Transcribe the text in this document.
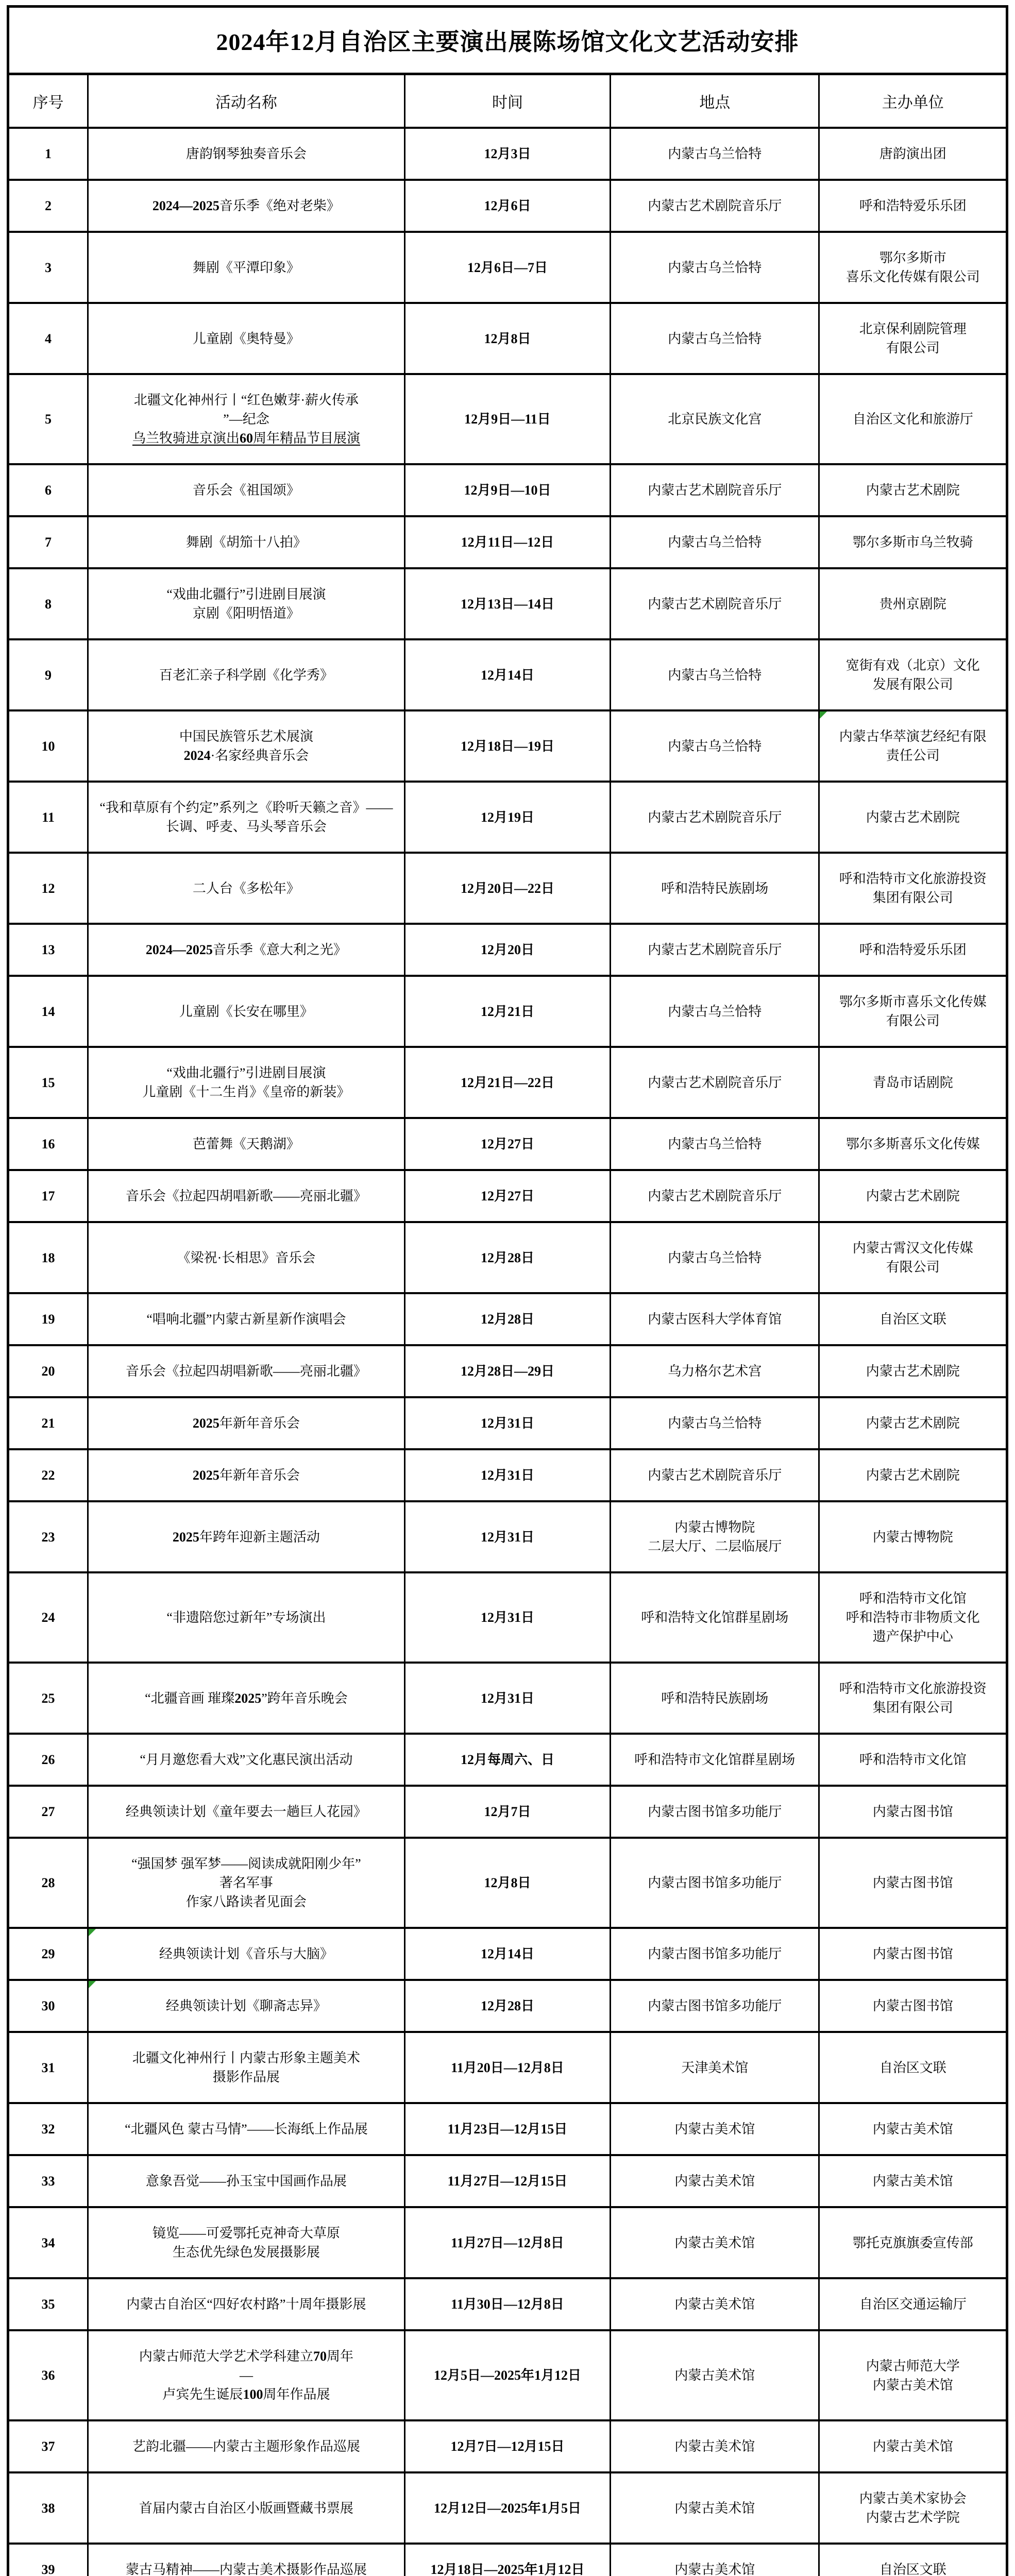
2024年12月自治区主要演出展陈场馆文化文艺活动安排				
序号	活动名称	时间	地点	主办单位
1	唐韵钢琴独奏音乐会	12月3日	内蒙古乌兰恰特	唐韵演出团
2	2024—2025音乐季《绝对老柴》	12月6日	内蒙古艺术剧院音乐厅	呼和浩特爱乐乐团
3	舞剧《平潭印象》	12月6日—7日	内蒙古乌兰恰特	鄂尔多斯市
喜乐文化传媒有限公司
4	儿童剧《奥特曼》	12月8日	内蒙古乌兰恰特	北京保利剧院管理
有限公司
5	北疆文化神州行丨“红色嫩芽·薪火传承
”—纪念
乌兰牧骑进京演出60周年精品节目展演	12月9日—11日	北京民族文化宫	自治区文化和旅游厅
6	音乐会《祖国颂》	12月9日—10日	内蒙古艺术剧院音乐厅	内蒙古艺术剧院
7	舞剧《胡笳十八拍》	12月11日—12日	内蒙古乌兰恰特	鄂尔多斯市乌兰牧骑
8	“戏曲北疆行”引进剧目展演
京剧《阳明悟道》	12月13日—14日	内蒙古艺术剧院音乐厅	贵州京剧院
9	百老汇亲子科学剧《化学秀》	12月14日	内蒙古乌兰恰特	宽街有戏（北京）文化
发展有限公司
10	中国民族管乐艺术展演
2024·名家经典音乐会	12月18日—19日	内蒙古乌兰恰特	内蒙古华萃演艺经纪有限
责任公司

11	“我和草原有个约定”系列之《聆听天籁之音》——长调、呼麦、马头琴音乐会	12月19日	内蒙古艺术剧院音乐厅	内蒙古艺术剧院
12	二人台《多松年》	12月20日—22日	呼和浩特民族剧场	呼和浩特市文化旅游投资
集团有限公司
13	2024—2025音乐季《意大利之光》	12月20日	内蒙古艺术剧院音乐厅	呼和浩特爱乐乐团
14	儿童剧《长安在哪里》	12月21日	内蒙古乌兰恰特	鄂尔多斯市喜乐文化传媒
有限公司
15	“戏曲北疆行”引进剧目展演
儿童剧《十二生肖》《皇帝的新装》	12月21日—22日	内蒙古艺术剧院音乐厅	青岛市话剧院
16	芭蕾舞《天鹅湖》	12月27日	内蒙古乌兰恰特	鄂尔多斯喜乐文化传媒
17	音乐会《拉起四胡唱新歌——亮丽北疆》	12月27日	内蒙古艺术剧院音乐厅	内蒙古艺术剧院
18	《梁祝·长相思》音乐会	12月28日	内蒙古乌兰恰特	内蒙古霄汉文化传媒
有限公司
19	“唱响北疆”内蒙古新星新作演唱会	12月28日	内蒙古医科大学体育馆	自治区文联
20	音乐会《拉起四胡唱新歌——亮丽北疆》	12月28日—29日	乌力格尔艺术宫	内蒙古艺术剧院
21	2025年新年音乐会	12月31日	内蒙古乌兰恰特	内蒙古艺术剧院
22	2025年新年音乐会	12月31日	内蒙古艺术剧院音乐厅	内蒙古艺术剧院
23	2025年跨年迎新主题活动	12月31日	内蒙古博物院
二层大厅、二层临展厅	内蒙古博物院
24	“非遗陪您过新年”专场演出	12月31日	呼和浩特文化馆群星剧场	呼和浩特市文化馆
呼和浩特市非物质文化
遗产保护中心
25	“北疆音画 璀璨2025”跨年音乐晚会	12月31日	呼和浩特民族剧场	呼和浩特市文化旅游投资
集团有限公司
26	“月月邀您看大戏”文化惠民演出活动	12月每周六、日	呼和浩特市文化馆群星剧场	呼和浩特市文化馆
27	经典领读计划《童年要去一趟巨人花园》	12月7日	内蒙古图书馆多功能厅	内蒙古图书馆
28	“强国梦 强军梦——阅读成就阳刚少年”
著名军事
作家八路读者见面会	12月8日	内蒙古图书馆多功能厅	内蒙古图书馆
29	经典领读计划《音乐与大脑》	12月14日	内蒙古图书馆多功能厅	内蒙古图书馆
30	经典领读计划《聊斋志异》	12月28日	内蒙古图书馆多功能厅	内蒙古图书馆
31	北疆文化神州行丨内蒙古形象主题美术
摄影作品展	11月20日—12月8日	天津美术馆	自治区文联
32	“北疆风色 蒙古马情”——长海纸上作品展	11月23日—12月15日	内蒙古美术馆	内蒙古美术馆
33	意象吾觉——孙玉宝中国画作品展	11月27日—12月15日	内蒙古美术馆	内蒙古美术馆
34	镜览——可爱鄂托克神奇大草原
生态优先绿色发展摄影展	11月27日—12月8日	内蒙古美术馆	鄂托克旗旗委宣传部
35	内蒙古自治区“四好农村路”十周年摄影展	11月30日—12月8日	内蒙古美术馆	自治区交通运输厅
36	内蒙古师范大学艺术学科建立70周年
—
卢宾先生诞辰100周年作品展	12月5日—2025年1月12日	内蒙古美术馆	内蒙古师范大学
内蒙古美术馆
37	艺韵北疆——内蒙古主题形象作品巡展	12月7日—12月15日	内蒙古美术馆	内蒙古美术馆
38	首届内蒙古自治区小版画暨藏书票展	12月12日—2025年1月5日	内蒙古美术馆	内蒙古美术家协会
内蒙古艺术学院
39	蒙古马精神——内蒙古美术摄影作品巡展	12月18日—2025年1月12日	内蒙古美术馆	自治区文联
